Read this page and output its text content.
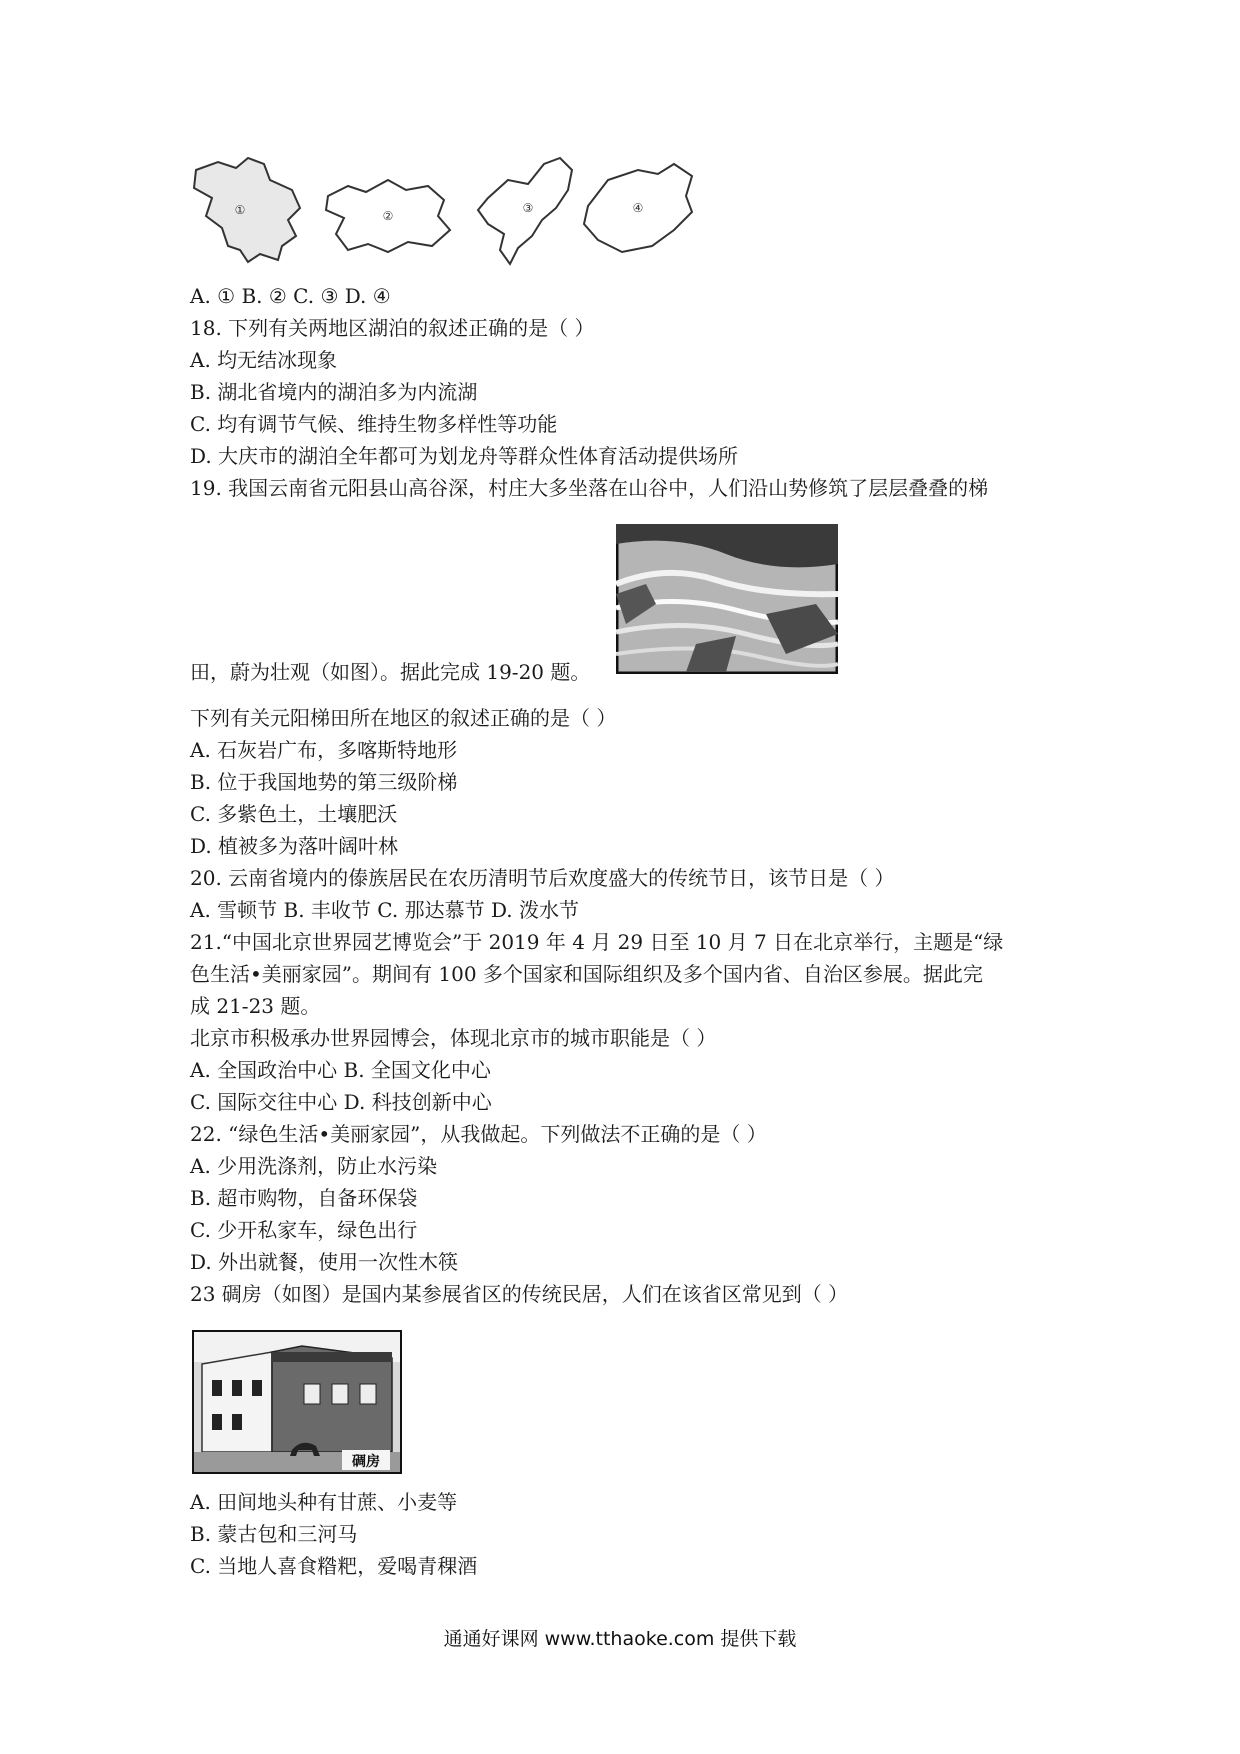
①	②
③	④
A. ① B. ② C. ③ D. ④
18. 下列有关两地区湖泊的叙述正确的是（ ）
A. 均无结冰现象
B. 湖北省境内的湖泊多为内流湖
C. 均有调节气候、维持生物多样性等功能
D. 大庆市的湖泊全年都可为划龙舟等群众性体育活动提供场所
19. 我国云南省元阳县山高谷深，村庄大多坐落在山谷中，人们沿山势修筑了层层叠叠的梯
田，蔚为壮观（如图）。据此完成 19-20 题。
下列有关元阳梯田所在地区的叙述正确的是（ ）
A. 石灰岩广布，多喀斯特地形
B. 位于我国地势的第三级阶梯
C. 多紫色土，土壤肥沃
D. 植被多为落叶阔叶林
20. 云南省境内的傣族居民在农历清明节后欢度盛大的传统节日，该节日是（ ）
A. 雪顿节 B. 丰收节 C. 那达慕节 D. 泼水节
21.“中国北京世界园艺博览会”于 2019 年 4 月 29 日至 10 月 7 日在北京举行，主题是“绿
色生活•美丽家园”。期间有 100 多个国家和国际组织及多个国内省、自治区参展。据此完
成 21-23 题。
北京市积极承办世界园博会，体现北京市的城市职能是（ ）
A. 全国政治中心 B. 全国文化中心
C. 国际交往中心 D. 科技创新中心
22. “绿色生活•美丽家园”，从我做起。下列做法不正确的是（ ）
A. 少用洗涤剂，防止水污染
B. 超市购物，自备环保袋
C. 少开私家车，绿色出行
D. 外出就餐，使用一次性木筷
23 碉房（如图）是国内某参展省区的传统民居，人们在该省区常见到（ ）
碉房
A. 田间地头种有甘蔗、小麦等
B. 蒙古包和三河马
C. 当地人喜食糌粑，爱喝青稞酒
通通好课网 www.tthaoke.com 提供下载
